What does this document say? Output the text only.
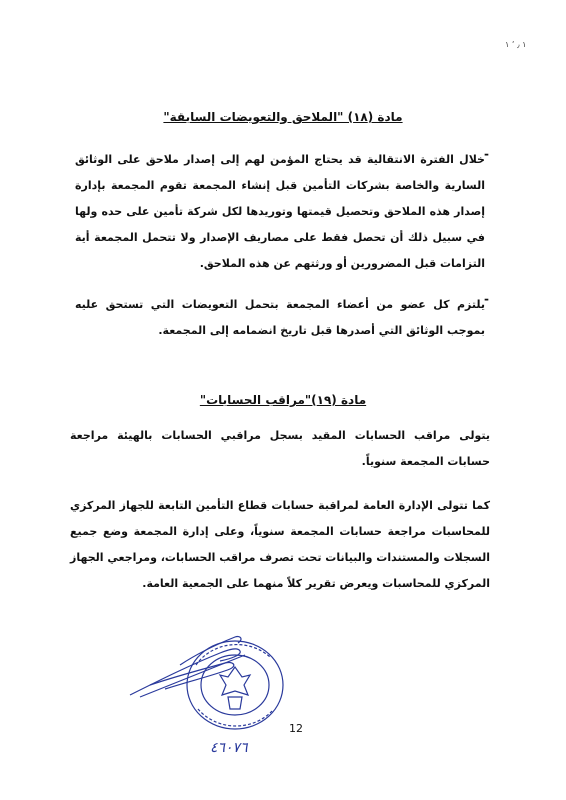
١ ٫ ٬ ١
مادة (١٨) "الملاحق والتعويضات السابقة"
-
خلال الفترة الانتقالية قد يحتاج المؤمن لهم إلى إصدار ملاحق على الوثائق السارية والخاصة بشركات التأمين قبل إنشاء المجمعة تقوم المجمعة بإدارة إصدار هذه الملاحق وتحصيل قيمتها وتوريدها لكل شركة تأمين على حده ولها في سبيل ذلك أن تحصل فقط على مصاريف الإصدار ولا تتحمل المجمعة أية التزامات قبل المضرورين أو ورثتهم عن هذه الملاحق.
-
يلتزم كل عضو من أعضاء المجمعة بتحمل التعويضات التي تستحق عليه بموجب الوثائق التي أصدرها قبل تاريخ انضمامه إلى المجمعة.
مادة (١٩)"مراقب الحسابات"
يتولى مراقب الحسابات المقيد بسجل مراقبي الحسابات بالهيئة مراجعة حسابات المجمعة سنوياً.
كما تتولى الإدارة العامة لمراقبة حسابات قطاع التأمين التابعة للجهاز المركزي للمحاسبات مراجعة حسابات المجمعة سنوياً، وعلى إدارة المجمعة وضع جميع السجلات والمستندات والبيانات تحت تصرف مراقب الحسابات، ومراجعي الجهاز المركزي للمحاسبات ويعرض تقرير كلاً منهما على الجمعية العامة.
12
٤٦٠٧٦
